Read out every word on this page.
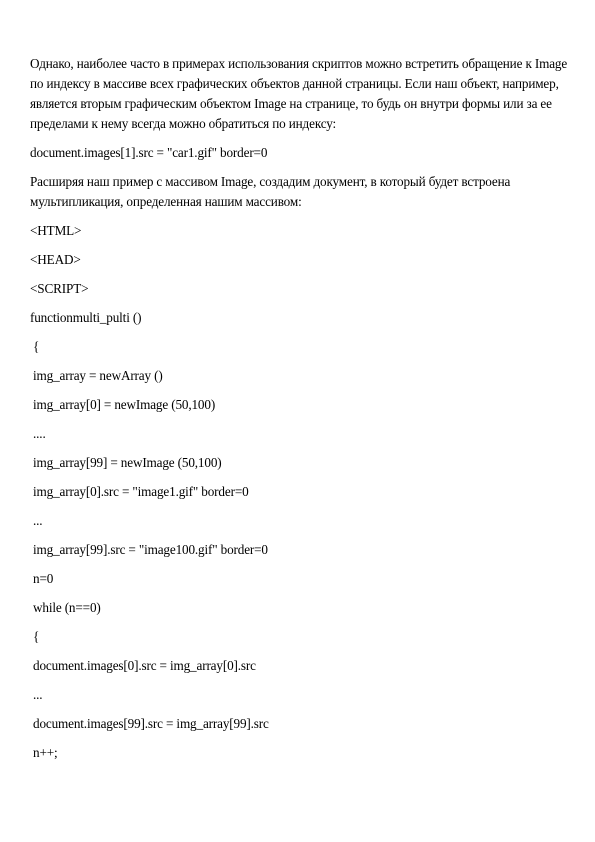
Однако, наиболее часто в примерах использования скриптов можно встретить обращение к Image по индексу в массиве всех графических объектов данной страницы. Если наш объект, например, является вторым графическим объектом Image на странице, то будь он внутри формы или за ее пределами к нему всегда можно обратиться по индексу:

document.images[1].src = "car1.gif" border=0

Расширяя наш пример с массивом Image, создадим документ, в который будет встроена мультипликация, определенная нашим массивом:

<HTML>
<HEAD>
<SCRIPT>
functionmulti_pulti ()
{
img_array = newArray ()
img_array[0] = newImage (50,100)
....
img_array[99] = newImage (50,100)
img_array[0].src = "image1.gif" border=0
...
img_array[99].src = "image100.gif" border=0
n=0
while (n==0)
{
document.images[0].src = img_array[0].src
...
document.images[99].src = img_array[99].src
n++;
